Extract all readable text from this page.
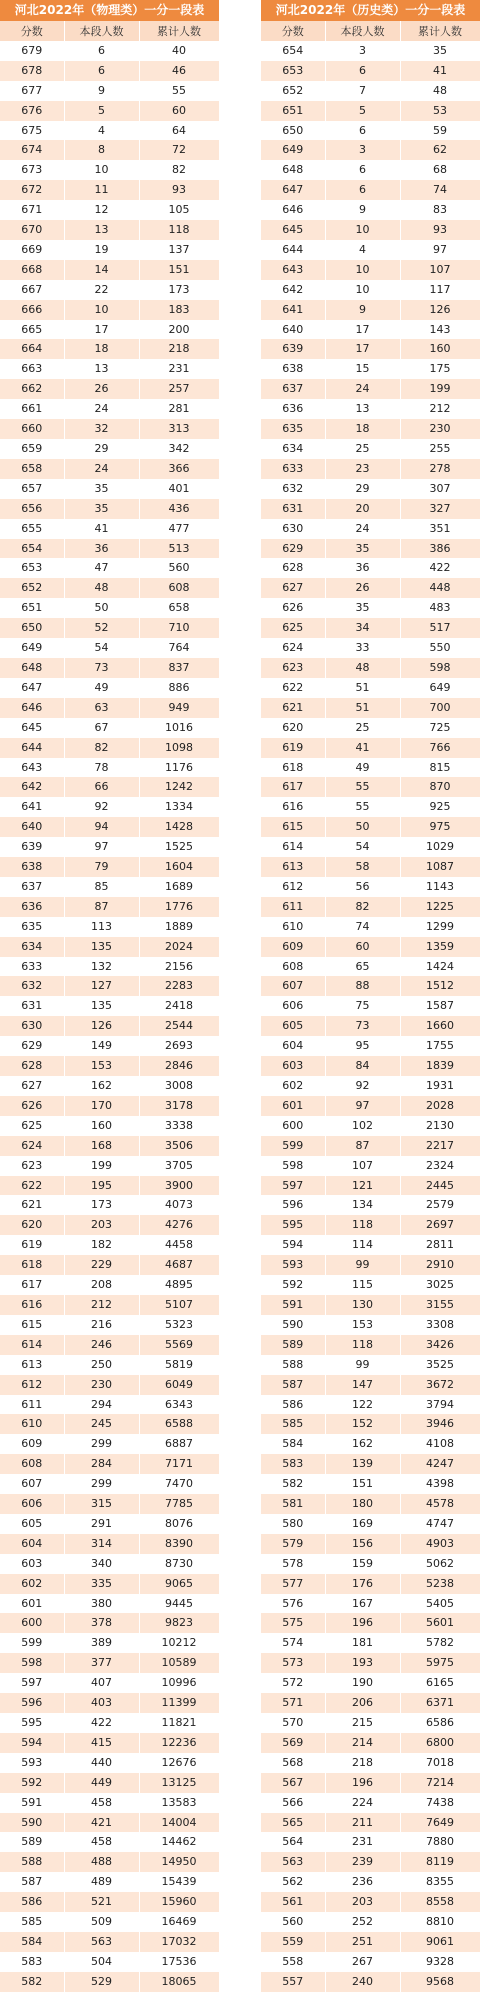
河北2022年（物理类）一分一段表
分数	本段人数	累计人数
679	6	40
678	6	46
677	9	55
676	5	60
675	4	64
674	8	72
673	10	82
672	11	93
671	12	105
670	13	118
669	19	137
668	14	151
667	22	173
666	10	183
665	17	200
664	18	218
663	13	231
662	26	257
661	24	281
660	32	313
659	29	342
658	24	366
657	35	401
656	35	436
655	41	477
654	36	513
653	47	560
652	48	608
651	50	658
650	52	710
649	54	764
648	73	837
647	49	886
646	63	949
645	67	1016
644	82	1098
643	78	1176
642	66	1242
641	92	1334
640	94	1428
639	97	1525
638	79	1604
637	85	1689
636	87	1776
635	113	1889
634	135	2024
633	132	2156
632	127	2283
631	135	2418
630	126	2544
629	149	2693
628	153	2846
627	162	3008
626	170	3178
625	160	3338
624	168	3506
623	199	3705
622	195	3900
621	173	4073
620	203	4276
619	182	4458
618	229	4687
617	208	4895
616	212	5107
615	216	5323
614	246	5569
613	250	5819
612	230	6049
611	294	6343
610	245	6588
609	299	6887
608	284	7171
607	299	7470
606	315	7785
605	291	8076
604	314	8390
603	340	8730
602	335	9065
601	380	9445
600	378	9823
599	389	10212
598	377	10589
597	407	10996
596	403	11399
595	422	11821
594	415	12236
593	440	12676
592	449	13125
591	458	13583
590	421	14004
589	458	14462
588	488	14950
587	489	15439
586	521	15960
585	509	16469
584	563	17032
583	504	17536
582	529	18065
河北2022年（历史类）一分一段表
分数	本段人数	累计人数
654	3	35
653	6	41
652	7	48
651	5	53
650	6	59
649	3	62
648	6	68
647	6	74
646	9	83
645	10	93
644	4	97
643	10	107
642	10	117
641	9	126
640	17	143
639	17	160
638	15	175
637	24	199
636	13	212
635	18	230
634	25	255
633	23	278
632	29	307
631	20	327
630	24	351
629	35	386
628	36	422
627	26	448
626	35	483
625	34	517
624	33	550
623	48	598
622	51	649
621	51	700
620	25	725
619	41	766
618	49	815
617	55	870
616	55	925
615	50	975
614	54	1029
613	58	1087
612	56	1143
611	82	1225
610	74	1299
609	60	1359
608	65	1424
607	88	1512
606	75	1587
605	73	1660
604	95	1755
603	84	1839
602	92	1931
601	97	2028
600	102	2130
599	87	2217
598	107	2324
597	121	2445
596	134	2579
595	118	2697
594	114	2811
593	99	2910
592	115	3025
591	130	3155
590	153	3308
589	118	3426
588	99	3525
587	147	3672
586	122	3794
585	152	3946
584	162	4108
583	139	4247
582	151	4398
581	180	4578
580	169	4747
579	156	4903
578	159	5062
577	176	5238
576	167	5405
575	196	5601
574	181	5782
573	193	5975
572	190	6165
571	206	6371
570	215	6586
569	214	6800
568	218	7018
567	196	7214
566	224	7438
565	211	7649
564	231	7880
563	239	8119
562	236	8355
561	203	8558
560	252	8810
559	251	9061
558	267	9328
557	240	9568
